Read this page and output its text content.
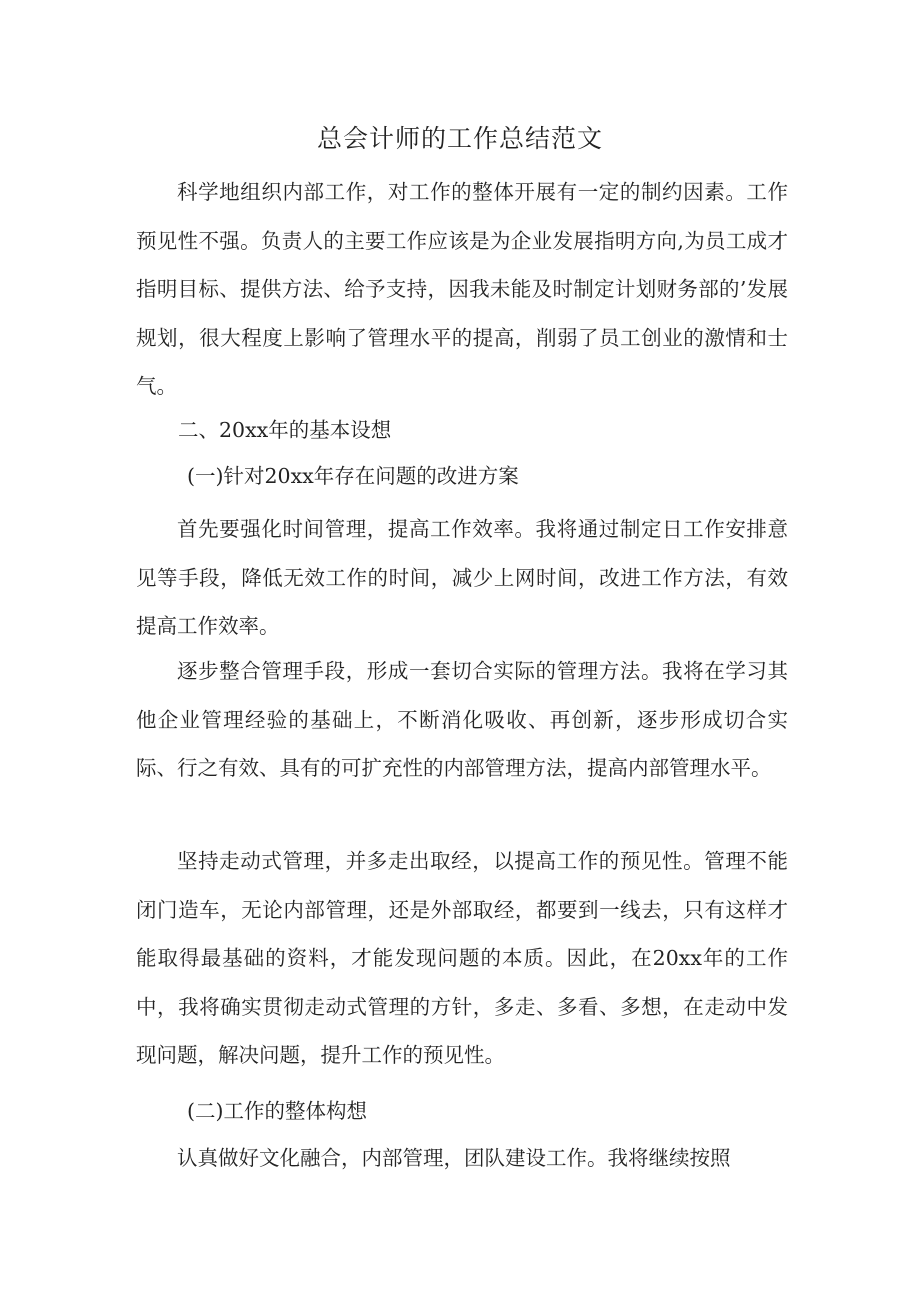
总会计师的工作总结范文

科学地组织内部工作，对工作的整体开展有一定的制约因素。工作预见性不强。负责人的主要工作应该是为企业发展指明方向,为员工成才指明目标、提供方法、给予支持，因我未能及时制定计划财务部的’发展规划，很大程度上影响了管理水平的提高，削弱了员工创业的激情和士气。

二、20xx年的基本设想

(一)针对20xx年存在问题的改进方案

首先要强化时间管理，提高工作效率。我将通过制定日工作安排意见等手段，降低无效工作的时间，减少上网时间，改进工作方法，有效提高工作效率。

逐步整合管理手段，形成一套切合实际的管理方法。我将在学习其他企业管理经验的基础上，不断消化吸收、再创新，逐步形成切合实际、行之有效、具有的可扩充性的内部管理方法，提高内部管理水平。

坚持走动式管理，并多走出取经，以提高工作的预见性。管理不能闭门造车，无论内部管理，还是外部取经，都要到一线去，只有这样才能取得最基础的资料，才能发现问题的本质。因此，在20xx年的工作中，我将确实贯彻走动式管理的方针，多走、多看、多想，在走动中发现问题，解决问题，提升工作的预见性。

(二)工作的整体构想

认真做好文化融合，内部管理，团队建设工作。我将继续按照
